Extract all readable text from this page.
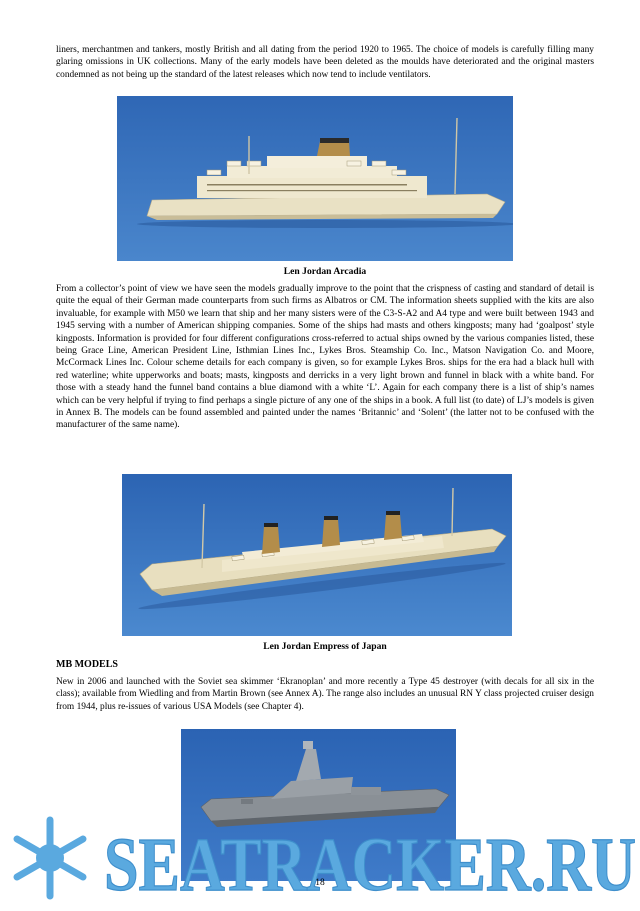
liners, merchantmen and tankers, mostly British and all dating from the period 1920 to 1965. The choice of models is carefully filling many glaring omissions in UK collections. Many of the early models have been deleted as the moulds have deteriorated and the original masters condemned as not being up the standard of the latest releases which now tend to include ventilators.

Len Jordan Arcadia

From a collector’s point of view we have seen the models gradually improve to the point that the crispness of casting and standard of detail is quite the equal of their German made counterparts from such firms as Albatros or CM. The information sheets supplied with the kits are also invaluable, for example with M50 we learn that ship and her many sisters were of the C3-S-A2 and A4 type and were built between 1943 and 1945 serving with a number of American shipping companies. Some of the ships had masts and others kingposts; many had ‘goalpost’ style kingposts. Information is provided for four different configurations cross-referred to actual ships owned by the various companies listed, these being Grace Line, American President Line, Isthmian Lines Inc., Lykes Bros. Steamship Co. Inc., Matson Navigation Co. and Moore, McCormack Lines Inc. Colour scheme details for each company is given, so for example Lykes Bros. ships for the era had a black hull with red waterline; white upperworks and boats; masts, kingposts and derricks in a very light brown and funnel in black with a white band. For those with a steady hand the funnel band contains a blue diamond with a white ‘L’. Again for each company there is a list of ship’s names which can be very helpful if trying to find perhaps a single picture of any one of the ships in a book. A full list (to date) of LJ’s models is given in Annex B. The models can be found assembled and painted under the names ‘Britannic’ and ‘Solent’ (the latter not to be confused with the manufacturer of the same name).

Len Jordan Empress of Japan

MB MODELS

New in 2006 and launched with the Soviet sea skimmer ‘Ekranoplan’ and more recently a Type 45 destroyer (with decals for all six in the class); available from Wiedling and from Martin Brown (see Annex A). The range also includes an unusual RN Y class projected cruiser design from 1944, plus re-issues of various USA Models (see Chapter 4).

SEATRACKER.RU
18
